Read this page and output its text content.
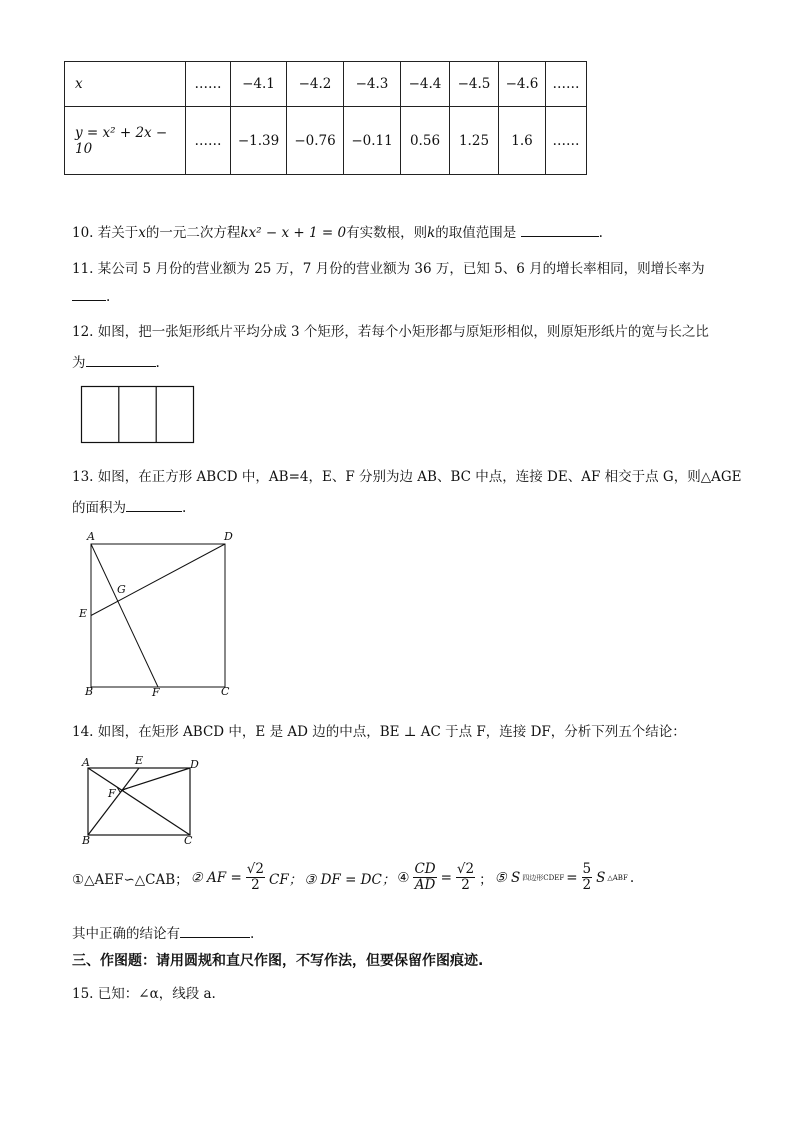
x	……	−4.1	−4.2	−4.3	−4.4	−4.5	−4.6	……
y = x² + 2x − 10	……	−1.39	−0.76	−0.11	0.56	1.25	1.6	……
10. 若关于x的一元二次方程kx² − x + 1 = 0有实数根，则k的取值范围是	.
11. 某公司 5 月份的营业额为 25 万，7 月份的营业额为 36 万，已知 5、6 月的增长率相同，则增长率为
.
12. 如图，把一张矩形纸片平均分成 3 个矩形，若每个小矩形都与原矩形相似，则原矩形纸片的宽与长之比
为	.
13. 如图，在正方形 ABCD 中，AB=4，E、F 分别为边 AB、BC 中点，连接 DE、AF 相交于点 G，则△AGE
的面积为	.
A	D
E
G
B	F	C
14. 如图，在矩形 ABCD 中，E 是 AD 边的中点，BE ⊥ AC 于点 F，连接 DF，分析下列五个结论：
A	E	D
F
B	C
①△AEF∽△CAB； ② AF = $\frac{√2}{2}$ CF； ③ DF = DC； ④ $\frac{CD}{AD} = \frac{√2}{2}$ ； ⑤ S 四边形CDEF = $\frac{5}{2}$ S △ABF .
其中正确的结论有	.
三、作图题：请用圆规和直尺作图，不写作法，但要保留作图痕迹.
15. 已知：∠α，线段 a.
